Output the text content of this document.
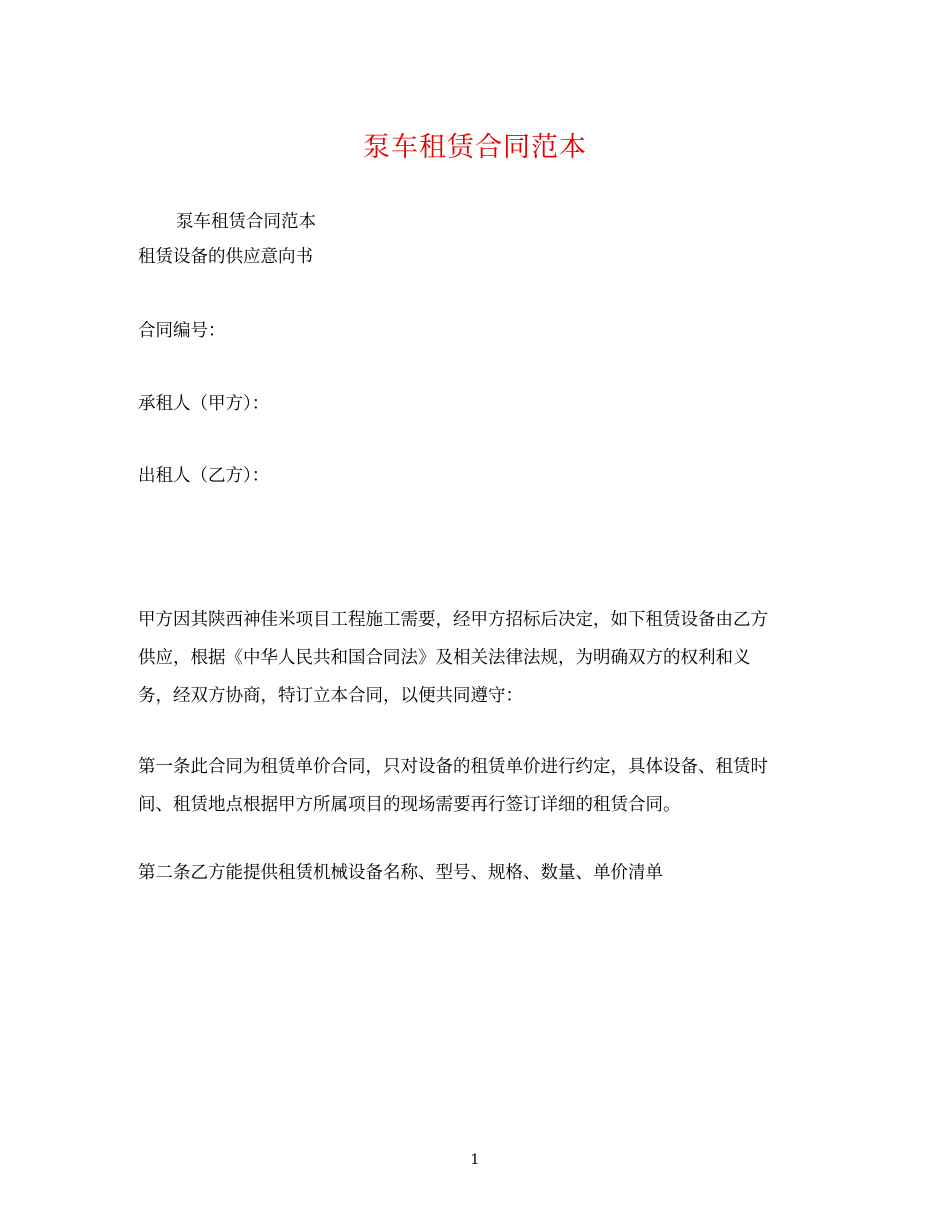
泵车租赁合同范本
泵车租赁合同范本
租赁设备的供应意向书
合同编号：
承租人（甲方）：
出租人（乙方）：
甲方因其陕西神佳米项目工程施工需要，经甲方招标后决定，如下租赁设备由乙方
供应，根据《中华人民共和国合同法》及相关法律法规，为明确双方的权利和义
务，经双方协商，特订立本合同，以便共同遵守：
第一条此合同为租赁单价合同，只对设备的租赁单价进行约定，具体设备、租赁时
间、租赁地点根据甲方所属项目的现场需要再行签订详细的租赁合同。
第二条乙方能提供租赁机械设备名称、型号、规格、数量、单价清单
1
